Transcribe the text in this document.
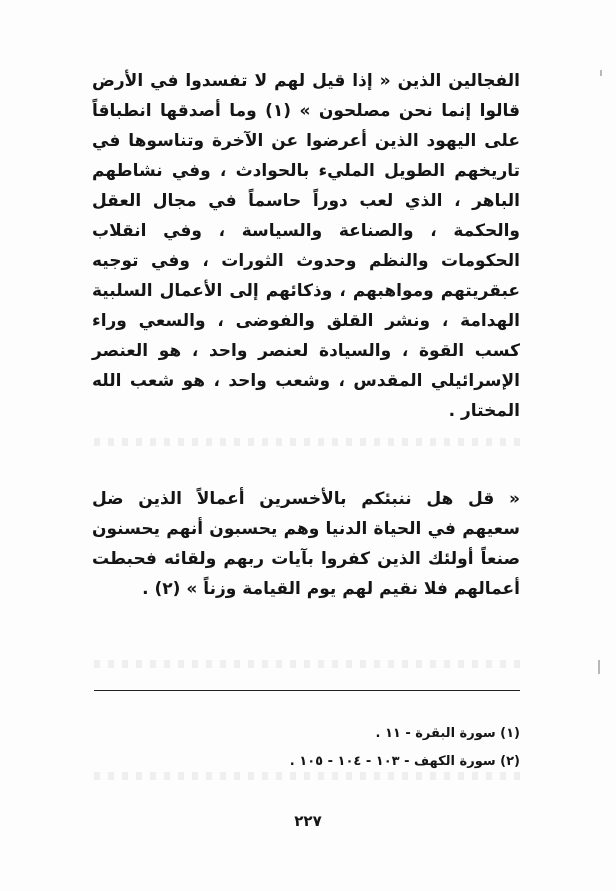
الفجالين الذين « إذا قيل لهم لا تفسدوا في الأرض قالوا إنما نحن مصلحون » (١) وما أصدقها انطباقاً على اليهود الذين أعرضوا عن الآخرة وتناسوها في تاريخهم الطويل المليء بالحوادث ، وفي نشاطهم الباهر ، الذي لعب دوراً حاسماً في مجال العقل والحكمة ، والصناعة والسياسة ، وفي انقلاب الحكومات والنظم وحدوث الثورات ، وفي توجيه عبقريتهم ومواهبهم ، وذكائهم إلى الأعمال السلبية الهدامة ، ونشر القلق والفوضى ، والسعي وراء كسب القوة ، والسيادة لعنصر واحد ، هو العنصر الإسرائيلي المقدس ، وشعب واحد ، هو شعب الله المختار .

« قل هل ننبئكم بالأخسرين أعمالاً الذين ضل سعيهم في الحياة الدنيا وهم يحسبون أنهم يحسنون صنعاً أولئك الذين كفروا بآيات ربهم ولقائه فحبطت أعمالهم فلا نقيم لهم يوم القيامة وزناً » (٢) .

(١) سورة البقرة - ١١ .
(٢) سورة الكهف - ١٠٣ - ١٠٤ - ١٠٥ .
٢٢٧
